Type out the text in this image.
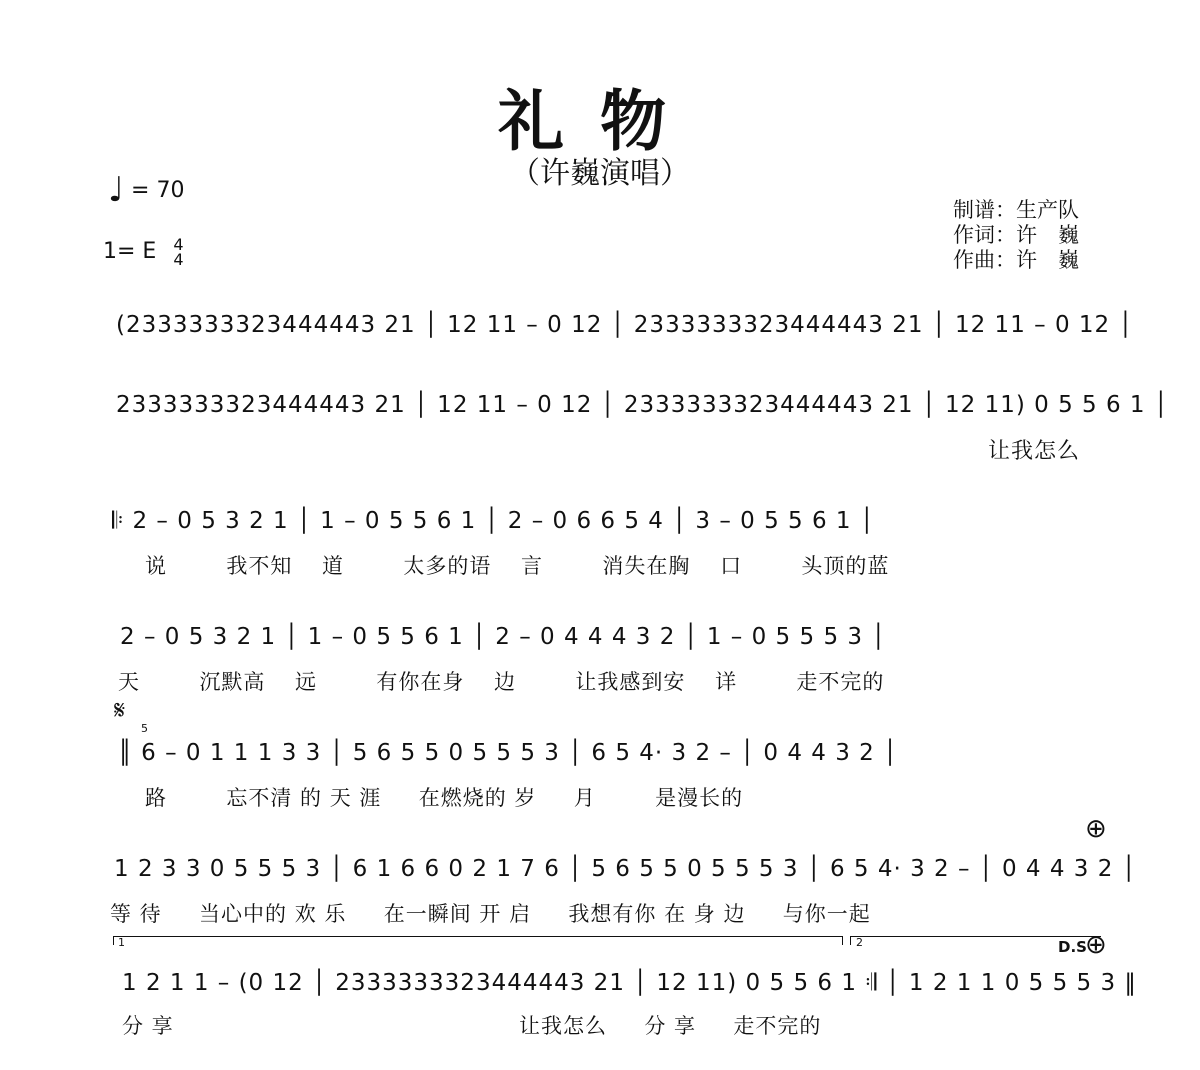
礼物
（许巍演唱）
♩ = 70
1= E 4
4
制谱：生产队
作词：许　巍
作曲：许　巍
(2333333323444443 21 │ 12 11 – 0 12 │ 2333333323444443 21 │ 12 11 – 0 12 │
2333333323444443 21 │ 12 11 – 0 12 │ 2333333323444443 21 │ 12 11) 0 5 5 6 1 │
让我怎么
𝄆 2 – 0 5 3 2 1 │ 1 – 0 5 5 6 1 │ 2 – 0 6 6 5 4 │ 3 – 0 5 5 6 1 │
说 　　 我不知 　道 　　 太多的语 　言 　　 消失在胸 　口 　　 头顶的蓝
2 – 0 5 3 2 1 │ 1 – 0 5 5 6 1 │ 2 – 0 4 4 4 3 2 │ 1 – 0 5 5 5 3 │
天 　　 沉默高 　远 　　 有你在身 　边 　　 让我感到安 　详 　　 走不完的
𝄋
5
║ 6 – 0 1 1 1 3 3 │ 5 6 5 5 0 5 5 5 3 │ 6 5 4· 3 2 – │ 0 4 4 3 2 │
路 　　 忘不清 的 天 涯 　 在燃烧的 岁 　 月 　　 是漫长的
⊕
1 2 3 3 0 5 5 5 3 │ 6 1 6 6 0 2 1 7 6 │ 5 6 5 5 0 5 5 5 3 │ 6 5 4· 3 2 – │ 0 4 4 3 2 │
等 待 　 当心中的 欢 乐 　 在一瞬间 开 启 　 我想有你 在 身 边 　 与你一起
1	2	D.S
⊕
1 2 1 1 – (0 12 │ 2333333323444443 21 │ 12 11) 0 5 5 6 1 𝄇 │ 1 2 1 1 0 5 5 5 3 ‖
分 享 　　　　　　　　　　　　　　　 让我怎么 　 分 享 　 走不完的
